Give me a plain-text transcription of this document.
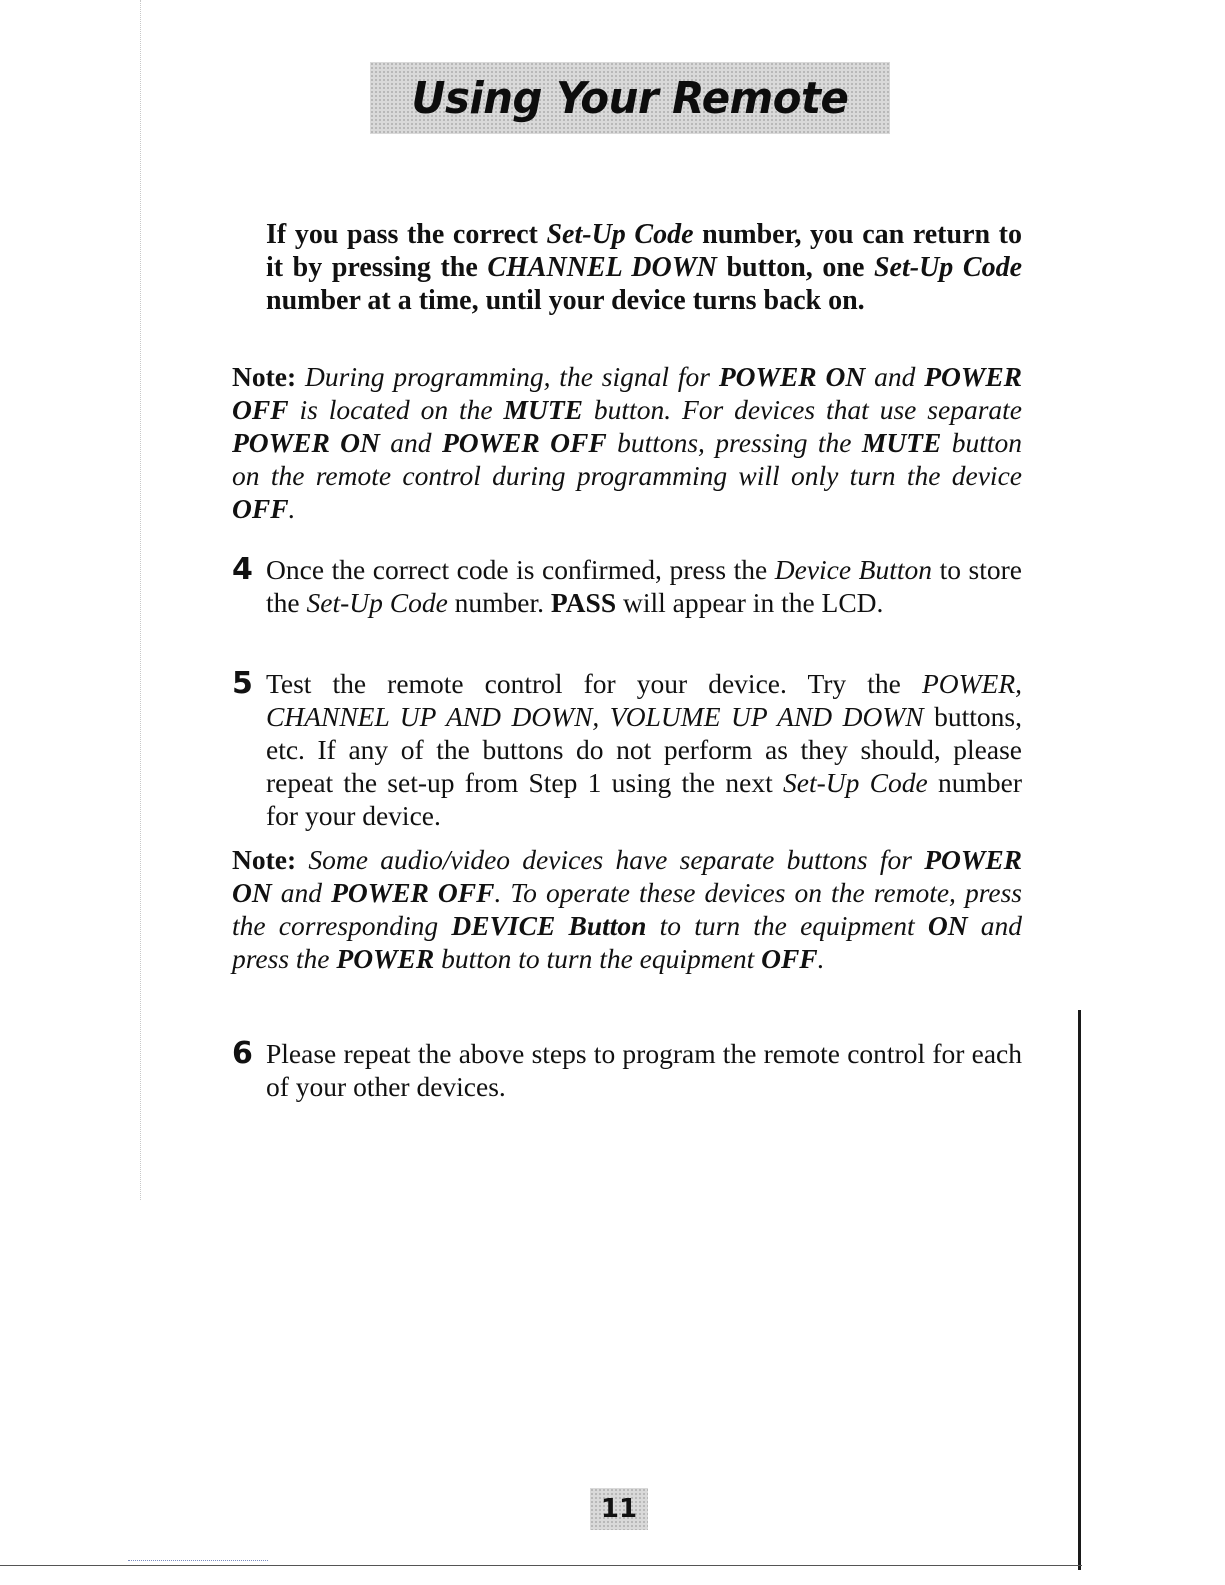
Using Your Remote
If you pass the correct Set-Up Code number, you can return to it by pressing the CHANNEL DOWN button, one Set-Up Code number at a time, until your device turns back on.
Note: During programming, the signal for POWER ON and POWER OFF is located on the MUTE button. For devices that use separate POWER ON and POWER OFF buttons, pressing the MUTE button on the remote control during programming will only turn the device OFF.
4 Once the correct code is confirmed, press the Device Button to store the Set-Up Code number. PASS will appear in the LCD.
5 Test the remote control for your device. Try the POWER, CHANNEL UP AND DOWN, VOLUME UP AND DOWN buttons, etc. If any of the buttons do not perform as they should, please repeat the set-up from Step 1 using the next Set-Up Code number for your device.
Note: Some audio/video devices have separate buttons for POWER ON and POWER OFF. To operate these devices on the remote, press the corresponding DEVICE Button to turn the equipment ON and press the POWER button to turn the equipment OFF.
6 Please repeat the above steps to program the remote control for each of your other devices.
11
